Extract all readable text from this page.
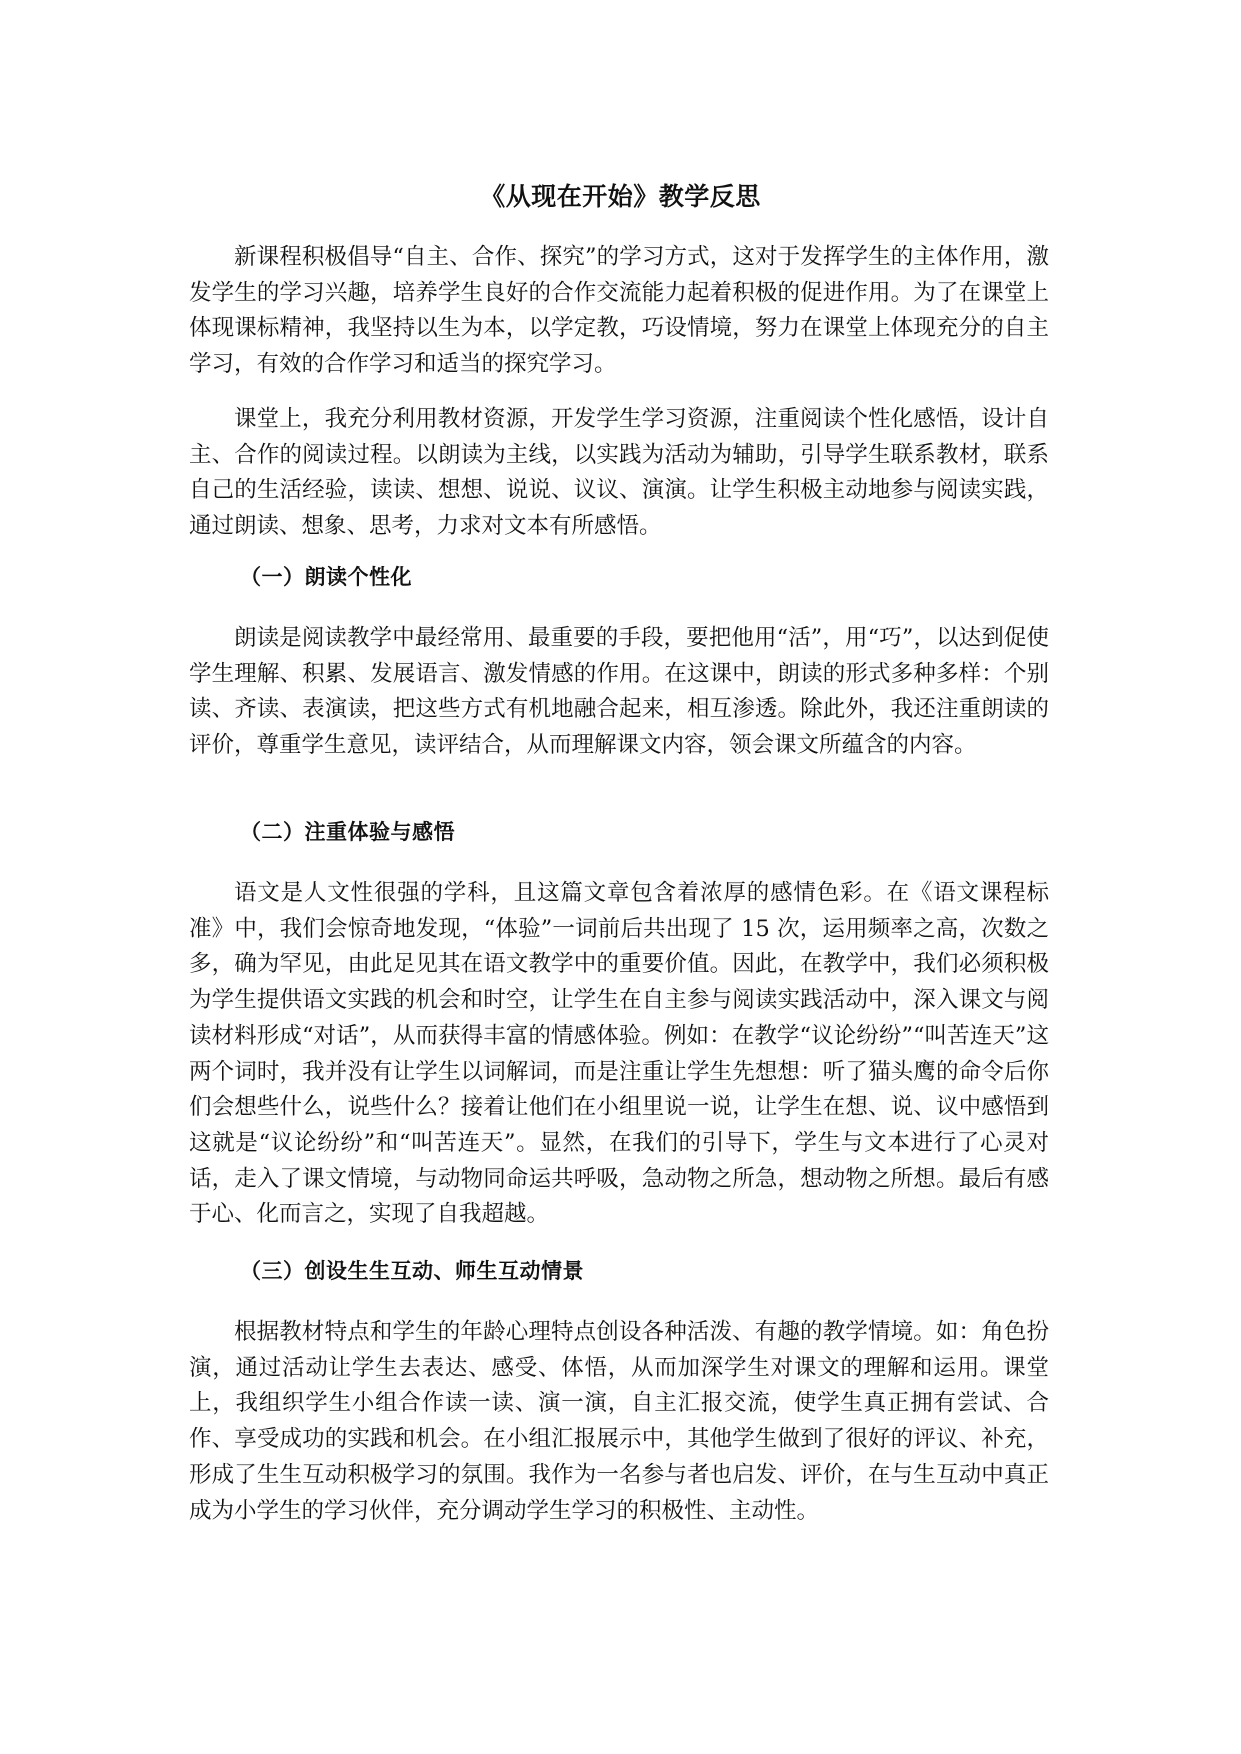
《从现在开始》教学反思
新课程积极倡导“自主、合作、探究”的学习方式，这对于发挥学生的主体作用，激发学生的学习兴趣，培养学生良好的合作交流能力起着积极的促进作用。为了在课堂上体现课标精神，我坚持以生为本，以学定教，巧设情境，努力在课堂上体现充分的自主学习，有效的合作学习和适当的探究学习。
课堂上，我充分利用教材资源，开发学生学习资源，注重阅读个性化感悟，设计自主、合作的阅读过程。以朗读为主线，以实践为活动为辅助，引导学生联系教材，联系自己的生活经验，读读、想想、说说、议议、演演。让学生积极主动地参与阅读实践，通过朗读、想象、思考，力求对文本有所感悟。
（一）朗读个性化
朗读是阅读教学中最经常用、最重要的手段，要把他用“活”，用“巧”，以达到促使学生理解、积累、发展语言、激发情感的作用。在这课中，朗读的形式多种多样：个别读、齐读、表演读，把这些方式有机地融合起来，相互渗透。除此外，我还注重朗读的评价，尊重学生意见，读评结合，从而理解课文内容，领会课文所蕴含的内容。
（二）注重体验与感悟
语文是人文性很强的学科，且这篇文章包含着浓厚的感情色彩。在《语文课程标准》中，我们会惊奇地发现，“体验”一词前后共出现了 15 次，运用频率之高，次数之多，确为罕见，由此足见其在语文教学中的重要价值。因此，在教学中，我们必须积极为学生提供语文实践的机会和时空，让学生在自主参与阅读实践活动中，深入课文与阅读材料形成“对话”，从而获得丰富的情感体验。例如：在教学“议论纷纷”“叫苦连天”这两个词时，我并没有让学生以词解词，而是注重让学生先想想：听了猫头鹰的命令后你们会想些什么，说些什么？接着让他们在小组里说一说，让学生在想、说、议中感悟到这就是“议论纷纷”和“叫苦连天”。显然，在我们的引导下，学生与文本进行了心灵对话，走入了课文情境，与动物同命运共呼吸，急动物之所急，想动物之所想。最后有感于心、化而言之，实现了自我超越。
（三）创设生生互动、师生互动情景
根据教材特点和学生的年龄心理特点创设各种活泼、有趣的教学情境。如：角色扮演，通过活动让学生去表达、感受、体悟，从而加深学生对课文的理解和运用。课堂上，我组织学生小组合作读一读、演一演，自主汇报交流，使学生真正拥有尝试、合作、享受成功的实践和机会。在小组汇报展示中，其他学生做到了很好的评议、补充，形成了生生互动积极学习的氛围。我作为一名参与者也启发、评价，在与生互动中真正成为小学生的学习伙伴，充分调动学生学习的积极性、主动性。
